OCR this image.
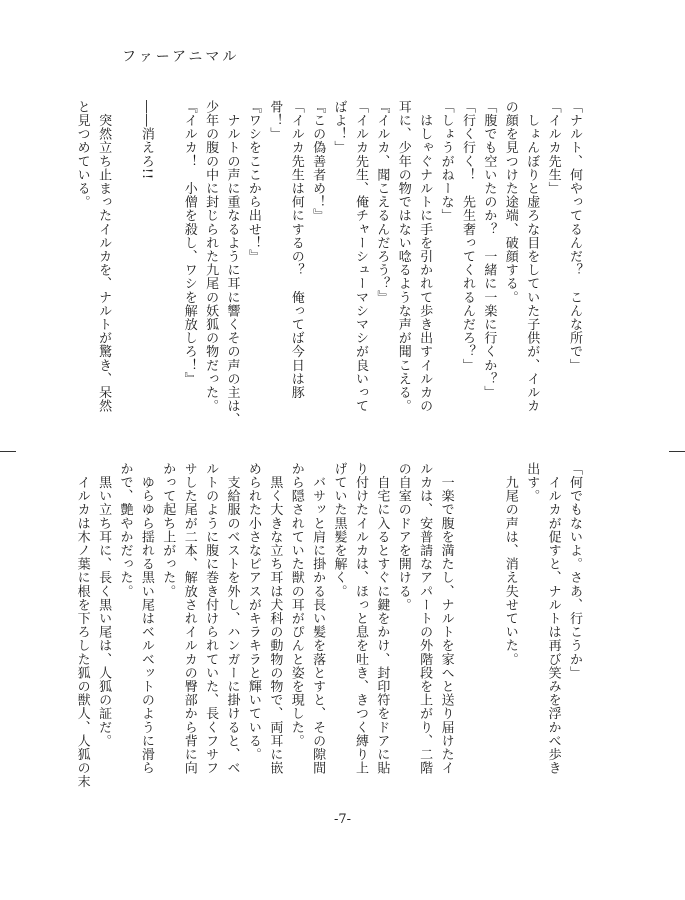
ファーアニマル
「ナルト、何やってるんだ？　こんな所で」
「イルカ先生」
　しょんぼりと虚ろな目をしていた子供が、イルカ
の顔を見つけた途端、破顔する。
「腹でも空いたのか？　一緒に一楽に行くか？」
「行く行く！　先生奢ってくれるんだろ？」
「しょうがねーな」
　はしゃぐナルトに手を引かれて歩き出すイルカの
耳に、少年の物ではない唸るような声が聞こえる。
『イルカ、聞こえるんだろう？』
「イルカ先生、俺チャーシューマシマシが良いって
ばよ！」
『この偽善者め！』
「イルカ先生は何にするの？　俺ってば今日は豚
骨！」
『ワシをここから出せ！』
　ナルトの声に重なるように耳に響くその声の主は、
少年の腹の中に封じられた九尾の妖狐の物だった。
『イルカ！　小僧を殺し、ワシを解放しろ！』

――消えろ!!

　突然立ち止まったイルカを、ナルトが驚き、呆然
と見つめている。
「何でもないよ。さあ、行こうか」
　イルカが促すと、ナルトは再び笑みを浮かべ歩き
出す。
　九尾の声は、消え失せていた。

　一楽で腹を満たし、ナルトを家へと送り届けたイ
ルカは、安普請なアパートの外階段を上がり、二階
の自室のドアを開ける。
　自宅に入るとすぐに鍵をかけ、封印符をドアに貼
り付けたイルカは、ほっと息を吐き、きつく縛り上
げていた黒髪を解く。
　バサッと肩に掛かる長い髪を落とすと、その隙間
から隠されていた獣の耳がぴんと姿を現した。
　黒く大きな立ち耳は犬科の動物の物で、両耳に嵌
められた小さなピアスがキラキラと輝いている。
　支給服のベストを外し、ハンガーに掛けると、ベ
ルトのように腹に巻き付けられていた、長くフサフ
サした尾が二本、解放されイルカの臀部から背に向
かって起ち上がった。
　ゆらゆら揺れる黒い尾はベルベットのように滑ら
かで、艶やかだった。
　黒い立ち耳に、長く黒い尾は、人狐の証だ。
　イルカは木ノ葉に根を下ろした狐の獣人、人狐の末
-7-
